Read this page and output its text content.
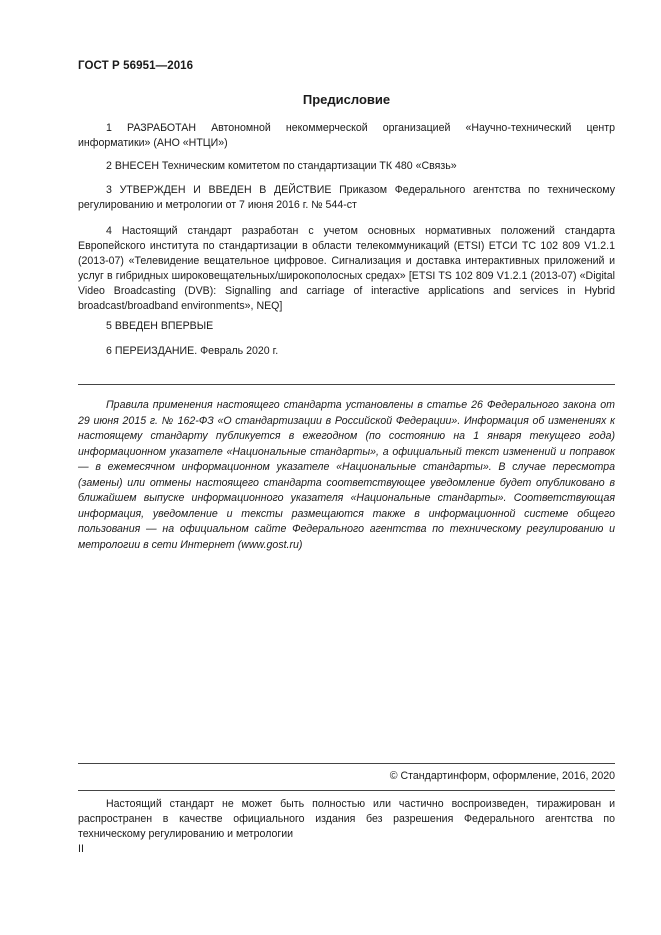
ГОСТ Р 56951—2016
Предисловие

1 РАЗРАБОТАН Автономной некоммерческой организацией «Научно-технический центр информатики» (АНО «НТЦИ»)

2 ВНЕСЕН Техническим комитетом по стандартизации ТК 480 «Связь»

3 УТВЕРЖДЕН И ВВЕДЕН В ДЕЙСТВИЕ Приказом Федерального агентства по техническому регулированию и метрологии от 7 июня 2016 г. № 544-ст

4 Настоящий стандарт разработан с учетом основных нормативных положений стандарта Европейского института по стандартизации в области телекоммуникаций (ETSI) ЕТСИ ТС 102 809 V1.2.1 (2013-07) «Телевидение вещательное цифровое. Сигнализация и доставка интерактивных приложений и услуг в гибридных широковещательных/широкополосных средах» [ETSI TS 102 809 V1.2.1 (2013-07) «Digital Video Broadcasting (DVB): Signalling and carriage of interactive applications and services in Hybrid broadcast/broadband environments», NEQ]

5 ВВЕДЕН ВПЕРВЫЕ

6 ПЕРЕИЗДАНИЕ. Февраль 2020 г.

Правила применения настоящего стандарта установлены в статье 26 Федерального закона от 29 июня 2015 г. № 162-ФЗ «О стандартизации в Российской Федерации». Информация об изменениях к настоящему стандарту публикуется в ежегодном (по состоянию на 1 января текущего года) информационном указателе «Национальные стандарты», а официальный текст изменений и поправок — в ежемесячном информационном указателе «Национальные стандарты». В случае пересмотра (замены) или отмены настоящего стандарта соответствующее уведомление будет опубликовано в ближайшем выпуске информационного указателя «Национальные стандарты». Соответствующая информация, уведомление и тексты размещаются также в информационной системе общего пользования — на официальном сайте Федерального агентства по техническому регулированию и метрологии в сети Интернет (www.gost.ru)

© Стандартинформ, оформление, 2016, 2020

Настоящий стандарт не может быть полностью или частично воспроизведен, тиражирован и распространен в качестве официального издания без разрешения Федерального агентства по техническому регулированию и метрологии

II
